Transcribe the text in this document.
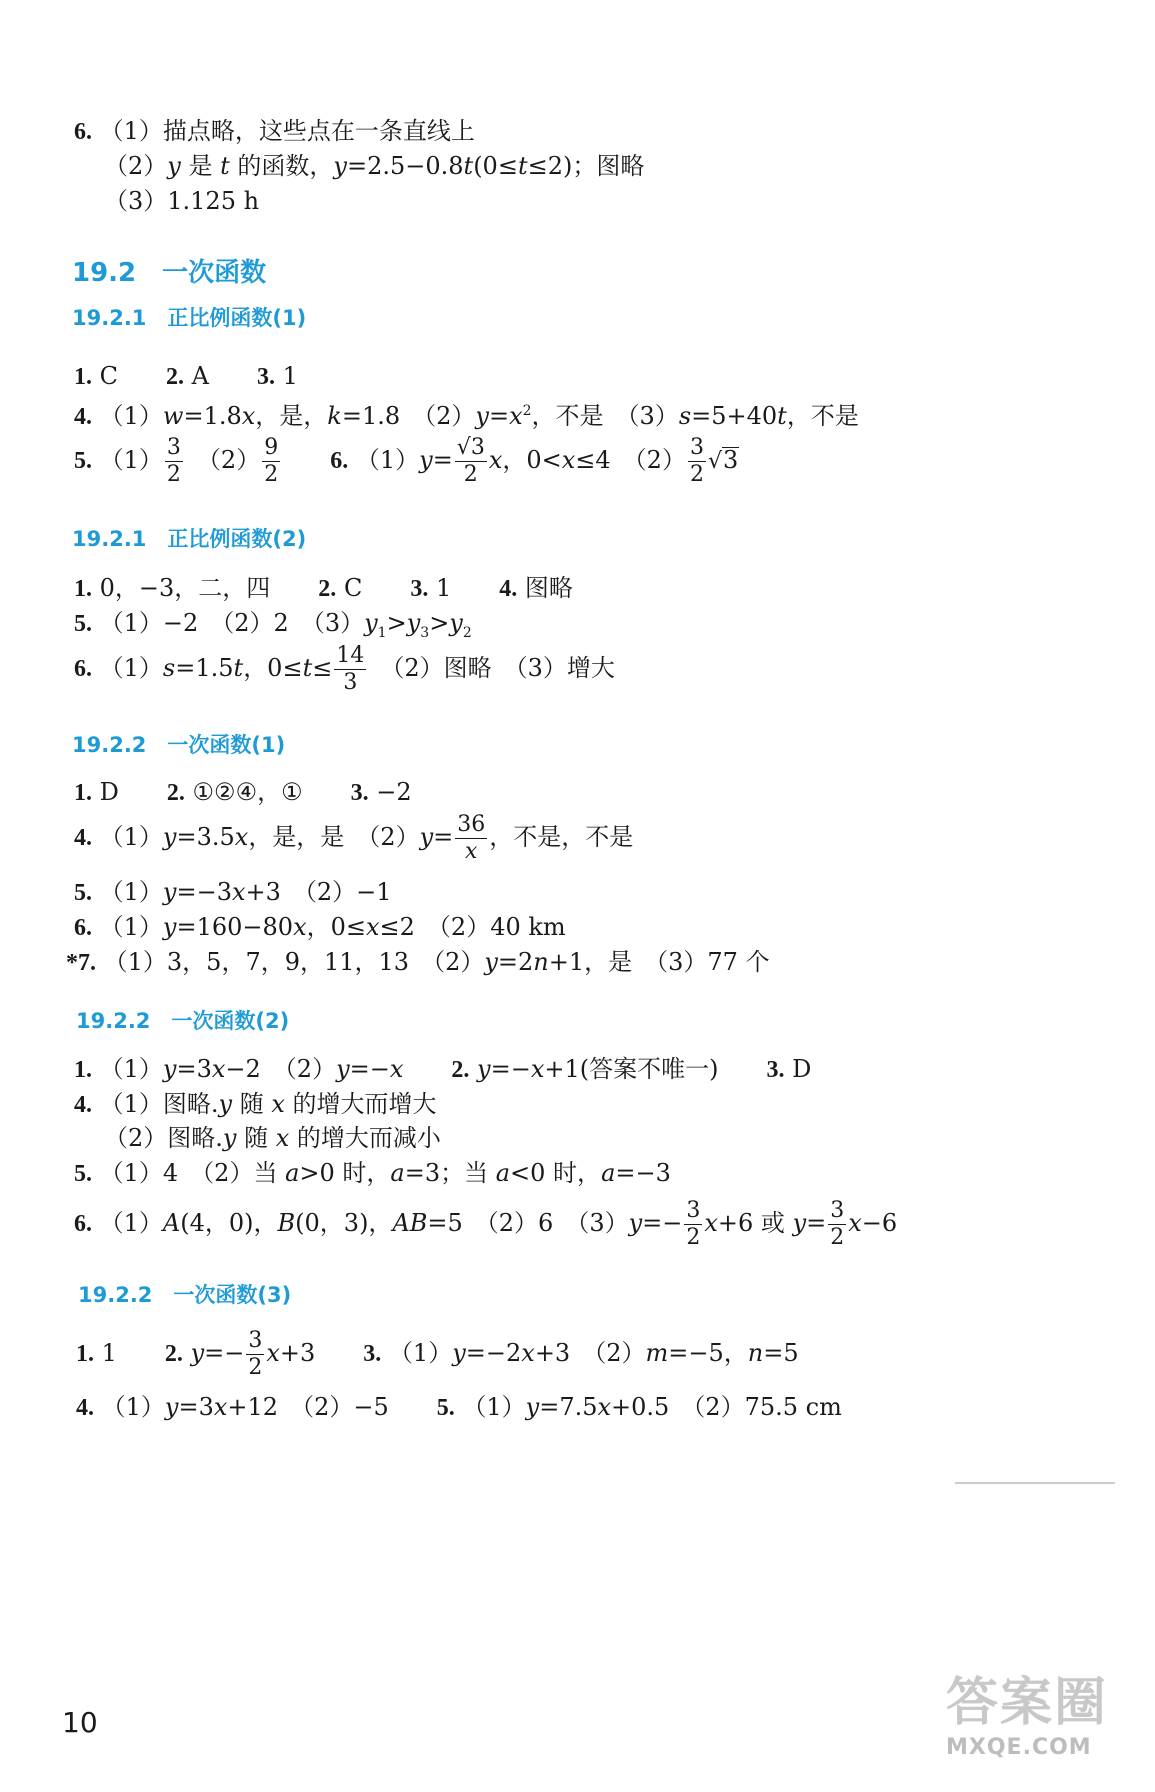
6. （1）描点略，这些点在一条直线上
（2）y 是 t 的函数，y=2.5−0.8t(0≤t≤2)；图略
（3）1.125 h
19.2　一次函数
19.2.1　正比例函数(1)
1. C   2. A   3. 1
4. （1）w=1.8x，是，k=1.8　$(2)y=x^2$，不是　（3）s=5+40t，不是
5. $(1) \frac{3}{2}$
  $(2) \frac{9}{2}$
   6. $(1)y= \frac{√3}{2}$ x，0<x≤4　$(2) \frac{3}{2} √3$
19.2.1　正比例函数(2)
1. 0，−3，二，四   2. C   3. 1   4. 图略
5. （1）−2　（2）2　$(3)y_1>y_3>y_2$
6. （1）s=1.5t，$0\le t\le \frac{14}{3}$
  （2）图略　（3）增大
19.2.2　一次函数(1)
1. D   2. ①②④，①   3. −2
4. （1）y=3.5x，是，是　$(2)y= \frac{36}{x}$ ，不是，不是
5. （1）y=−3x+3　（2）−1
6. （1）y=160−80x，0≤x≤2　（2）40 km
*7. （1）3，5，7，9，11，13　（2）y=2n+1，是　（3）77 个
19.2.2　一次函数(2)
1. （1）y=3x−2　（2）y=−x   2. y=−x+1(答案不唯一)   3. D
4. （1）图略.y 随 x 的增大而增大
（2）图略.y 随 x 的增大而减小
5. （1）4　（2）当 a>0 时，a=3；当 a<0 时，a=−3
6. （1）A(4，0)，B(0，3)，AB=5　（2）6　$(3)y=- \frac{3}{2} x+6$ 或 $y= \frac{3}{2} x-6$
19.2.2　一次函数(3)
1. 1   2. $y=- \frac{3}{2} x+3$   3. （1）y=−2x+3　（2）m=−5，n=5
4. （1）y=3x+12　（2）−5   5. （1）y=7.5x+0.5　（2）75.5 cm
10	答案圈
MXQE.COM
